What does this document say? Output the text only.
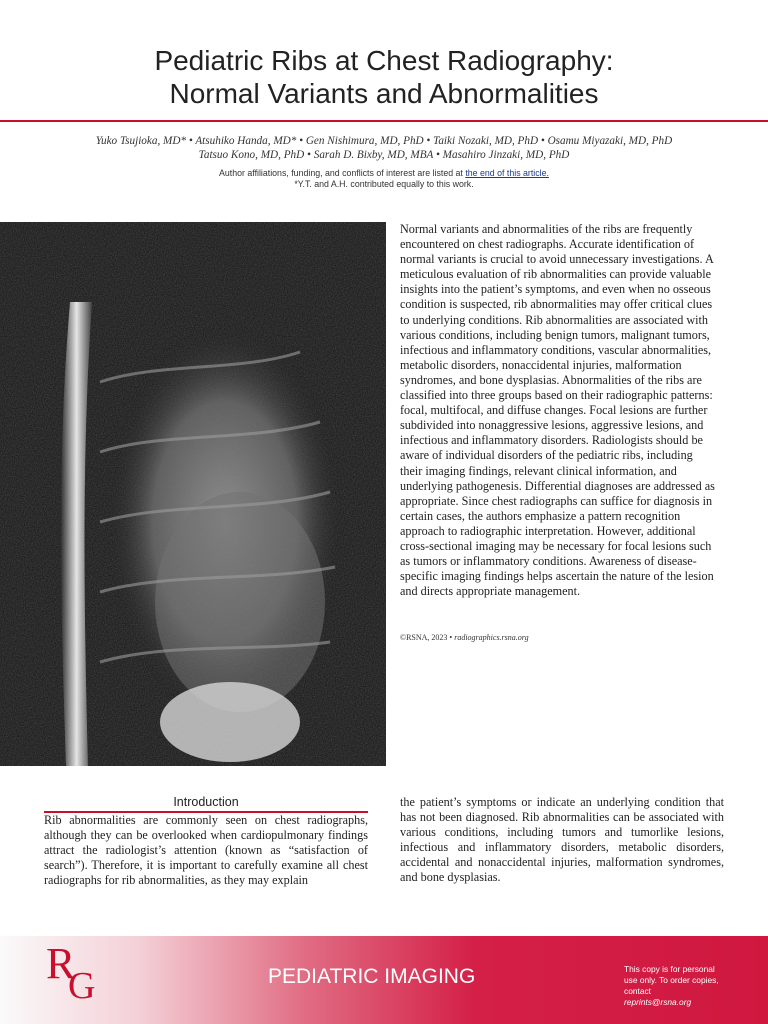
Pediatric Ribs at Chest Radiography:
Normal Variants and Abnormalities
Yuko Tsujioka, MD* • Atsuhiko Handa, MD* • Gen Nishimura, MD, PhD • Taiki Nozaki, MD, PhD • Osamu Miyazaki, MD, PhD
Tatsuo Kono, MD, PhD • Sarah D. Bixby, MD, MBA • Masahiro Jinzaki, MD, PhD
Author affiliations, funding, and conflicts of interest are listed at the end of this article.
*Y.T. and A.H. contributed equally to this work.

Normal variants and abnormalities of the ribs are frequently encountered on chest radiographs. Accurate identification of normal variants is crucial to avoid unnecessary investigations. A meticulous evaluation of rib abnormalities can provide valuable insights into the patient’s symptoms, and even when no osseous condition is suspected, rib abnormalities may offer critical clues to underlying conditions. Rib abnormalities are associated with various conditions, including benign tumors, malignant tumors, infectious and inflammatory conditions, vascular abnormalities, metabolic disorders, nonaccidental injuries, malformation syndromes, and bone dysplasias. Abnormalities of the ribs are classified into three groups based on their radiographic patterns: focal, multifocal, and diffuse changes. Focal lesions are further subdivided into nonaggressive lesions, aggressive lesions, and infectious and inflammatory disorders. Radiologists should be aware of individual disorders of the pediatric ribs, including their imaging findings, relevant clinical information, and underlying pathogenesis. Differential diagnoses are addressed as appropriate. Since chest radiographs can suffice for diagnosis in certain cases, the authors emphasize a pattern recognition approach to radiographic interpretation. However, additional cross-sectional imaging may be necessary for focal lesions such as tumors or inflammatory conditions. Awareness of disease-specific imaging findings helps ascertain the nature of the lesion and directs appropriate management.

©RSNA, 2023 • radiographics.rsna.org
Introduction

Rib abnormalities are commonly seen on chest radiographs, although they can be overlooked when cardiopulmonary findings attract the radiologist’s attention (known as “satisfaction of search”). Therefore, it is important to carefully examine all chest radiographs for rib abnormalities, as they may explain

the patient’s symptoms or indicate an underlying condition that has not been diagnosed. Rib abnormalities can be associated with various conditions, including tumors and tumorlike lesions, infectious and inflammatory disorders, metabolic disorders, accidental and nonaccidental injuries, malformation syndromes, and bone dysplasias.

R
G	PEDIATRIC IMAGING	This copy is for personal
use only. To order copies,
contact
reprints@rsna.org
